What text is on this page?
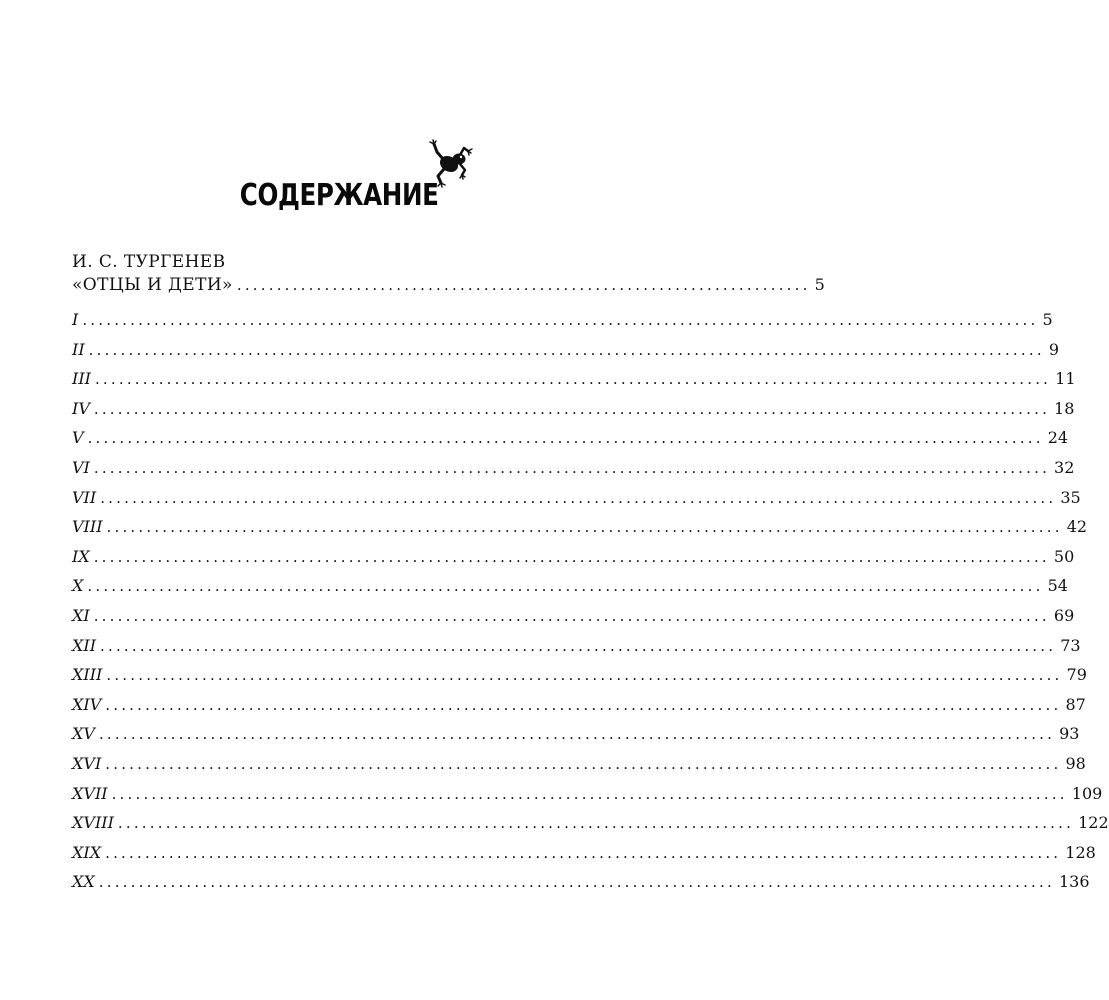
СОДЕРЖАНИЕ
И. С. ТУРГЕНЕВ
«ОТЦЫ И ДЕТИ» ........................................................................ 5
I ........................................................................................................................ 5
II ........................................................................................................................ 9
III ........................................................................................................................ 11
IV ........................................................................................................................ 18
V ........................................................................................................................ 24
VI ........................................................................................................................ 32
VII ........................................................................................................................ 35
VIII ........................................................................................................................ 42
IX ........................................................................................................................ 50
X ........................................................................................................................ 54
XI ........................................................................................................................ 69
XII ........................................................................................................................ 73
XIII ........................................................................................................................ 79
XIV ........................................................................................................................ 87
XV ........................................................................................................................ 93
XVI ........................................................................................................................ 98
XVII ........................................................................................................................ 109
XVIII ........................................................................................................................ 122
XIX ........................................................................................................................ 128
XX ........................................................................................................................ 136
